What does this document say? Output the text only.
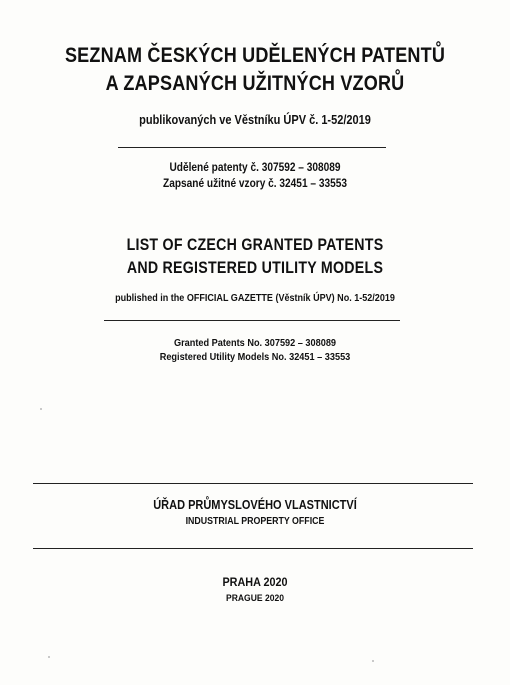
SEZNAM ČESKÝCH UDĚLENÝCH PATENTŮ
A ZAPSANÝCH UŽITNÝCH VZORŮ
publikovaných ve Věstníku ÚPV č. 1-52/2019
Udělené patenty č. 307592 – 308089
Zapsané užitné vzory č. 32451 – 33553
LIST OF CZECH GRANTED PATENTS
AND REGISTERED UTILITY MODELS
published in the OFFICIAL GAZETTE (Věstník ÚPV) No. 1-52/2019
Granted Patents No. 307592 – 308089
Registered Utility Models No. 32451 – 33553
ÚŘAD PRŮMYSLOVÉHO VLASTNICTVÍ
INDUSTRIAL PROPERTY OFFICE
PRAHA 2020
PRAGUE 2020
